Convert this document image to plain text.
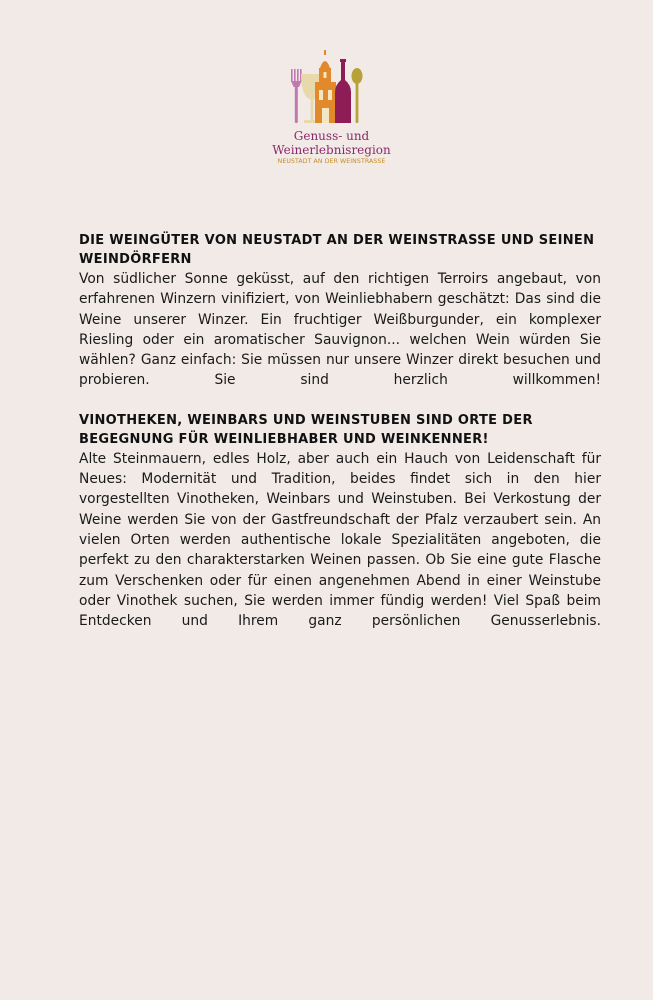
Genuss- und
Weinerlebnisregion
NEUSTADT AN DER WEINSTRASSE
DIE WEINGÜTER VON NEUSTADT AN DER WEINSTRASSE UND SEINEN WEINDÖRFERN

Von südlicher Sonne geküsst, auf den richtigen Terroirs angebaut, von erfahrenen Winzern vinifiziert, von Weinliebhabern geschätzt: Das sind die Weine unserer Winzer. Ein fruchtiger Weißburgunder, ein komplexer Riesling oder ein aromatischer Sauvignon... welchen Wein würden Sie wählen? Ganz einfach: Sie müssen nur unsere Winzer direkt besuchen und probieren. Sie sind herzlich willkommen!

VINOTHEKEN, WEINBARS UND WEINSTUBEN SIND ORTE DER BEGEGNUNG FÜR WEINLIEBHABER UND WEINKENNER!

Alte Steinmauern, edles Holz, aber auch ein Hauch von Leidenschaft für Neues: Modernität und Tradition, beides findet sich in den hier vorgestellten Vinotheken, Weinbars und Weinstuben. Bei Verkostung der Weine werden Sie von der Gastfreundschaft der Pfalz verzaubert sein. An vielen Orten werden authentische lokale Spezialitäten angeboten, die perfekt zu den charakterstarken Weinen passen. Ob Sie eine gute Flasche zum Verschenken oder für einen angenehmen Abend in einer Weinstube oder Vinothek suchen, Sie werden immer fündig werden! Viel Spaß beim Entdecken und Ihrem ganz persönlichen Genusserlebnis.
